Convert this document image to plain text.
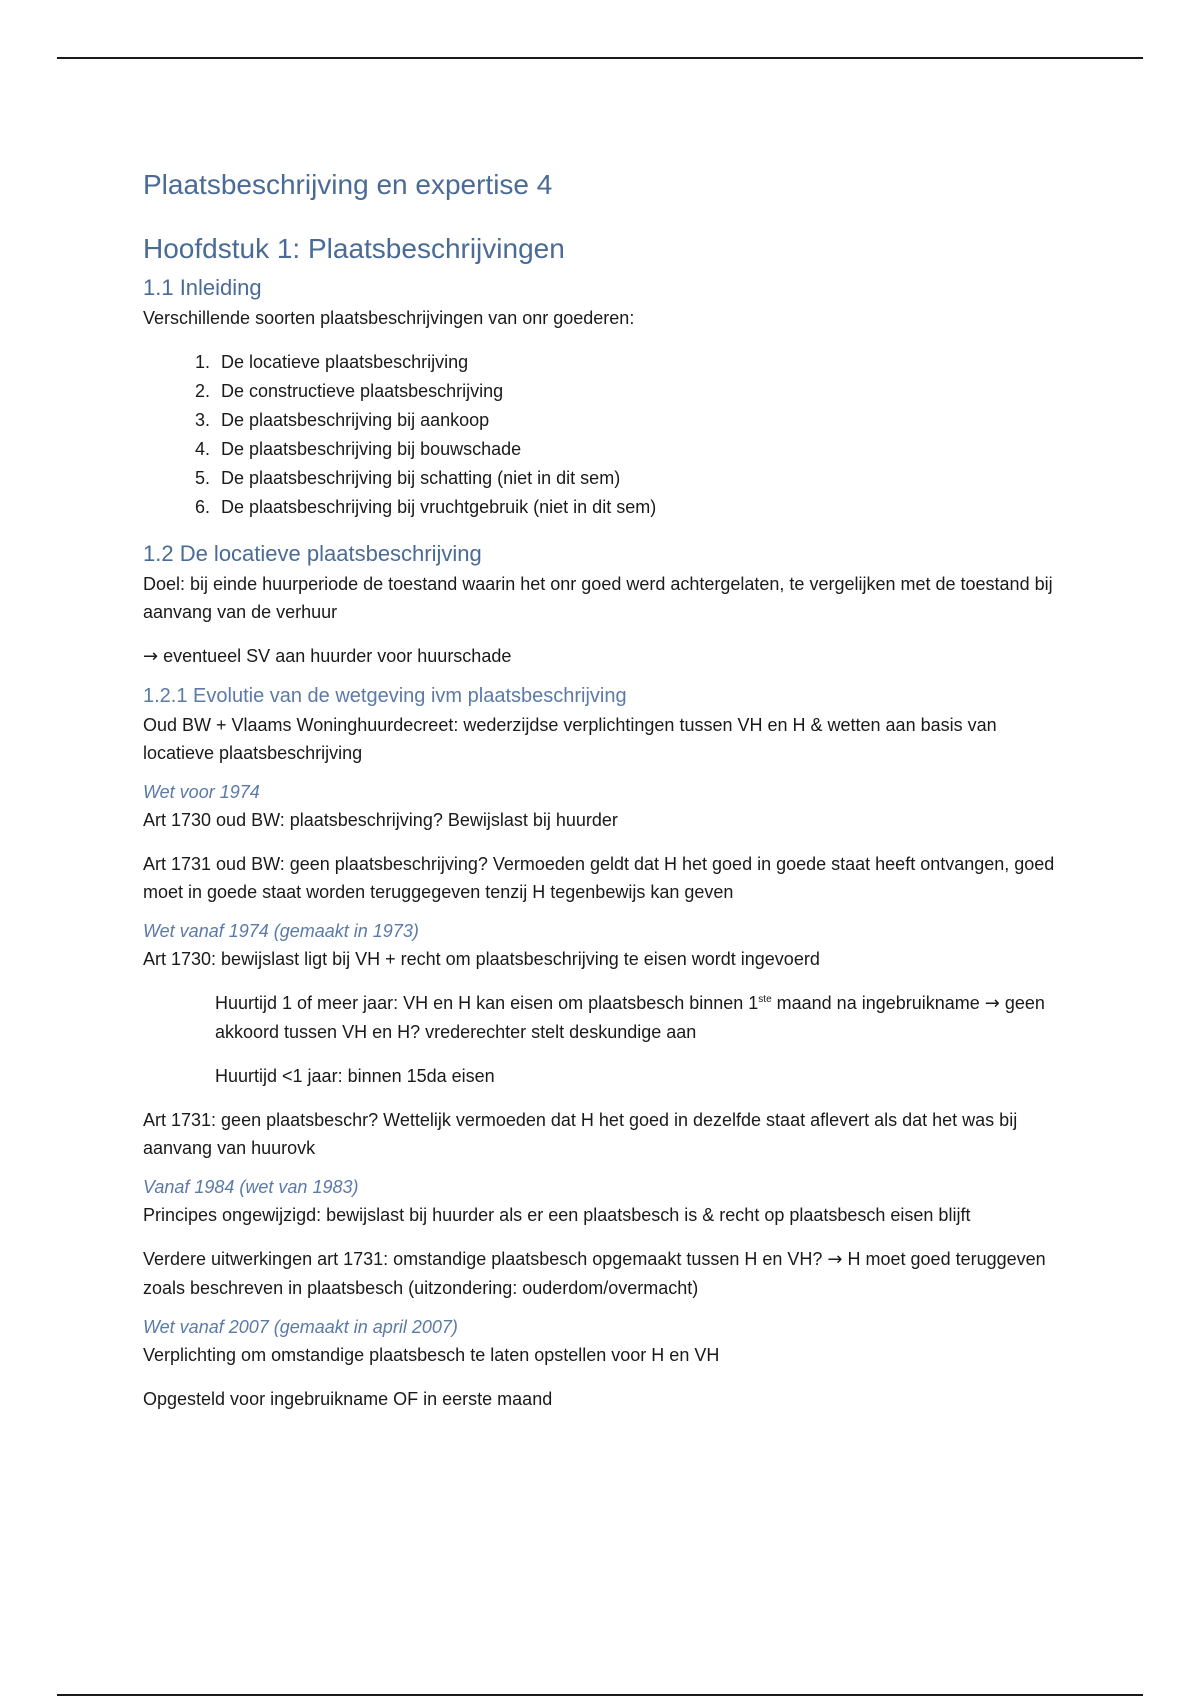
Plaatsbeschrijving en expertise 4
Hoofdstuk 1: Plaatsbeschrijvingen
1.1 Inleiding

Verschillende soorten plaatsbeschrijvingen van onr goederen:

1. De locatieve plaatsbeschrijving
2. De constructieve plaatsbeschrijving
3. De plaatsbeschrijving bij aankoop
4. De plaatsbeschrijving bij bouwschade
5. De plaatsbeschrijving bij schatting (niet in dit sem)
6. De plaatsbeschrijving bij vruchtgebruik (niet in dit sem)
1.2 De locatieve plaatsbeschrijving

Doel: bij einde huurperiode de toestand waarin het onr goed werd achtergelaten, te vergelijken met de toestand bij aanvang van de verhuur

→ eventueel SV aan huurder voor huurschade

1.2.1 Evolutie van de wetgeving ivm plaatsbeschrijving

Oud BW + Vlaams Woninghuurdecreet: wederzijdse verplichtingen tussen VH en H & wetten aan basis van locatieve plaatsbeschrijving

Wet voor 1974

Art 1730 oud BW: plaatsbeschrijving? Bewijslast bij huurder

Art 1731 oud BW: geen plaatsbeschrijving? Vermoeden geldt dat H het goed in goede staat heeft ontvangen, goed moet in goede staat worden teruggegeven tenzij H tegenbewijs kan geven

Wet vanaf 1974 (gemaakt in 1973)

Art 1730: bewijslast ligt bij VH + recht om plaatsbeschrijving te eisen wordt ingevoerd

Huurtijd 1 of meer jaar: VH en H kan eisen om plaatsbesch binnen 1ste maand na ingebruikname → geen akkoord tussen VH en H? vrederechter stelt deskundige aan

Huurtijd <1 jaar: binnen 15da eisen

Art 1731: geen plaatsbeschr? Wettelijk vermoeden dat H het goed in dezelfde staat aflevert als dat het was bij aanvang van huurovk

Vanaf 1984 (wet van 1983)

Principes ongewijzigd: bewijslast bij huurder als er een plaatsbesch is & recht op plaatsbesch eisen blijft

Verdere uitwerkingen art 1731: omstandige plaatsbesch opgemaakt tussen H en VH? → H moet goed teruggeven zoals beschreven in plaatsbesch (uitzondering: ouderdom/overmacht)

Wet vanaf 2007 (gemaakt in april 2007)

Verplichting om omstandige plaatsbesch te laten opstellen voor H en VH

Opgesteld voor ingebruikname OF in eerste maand
